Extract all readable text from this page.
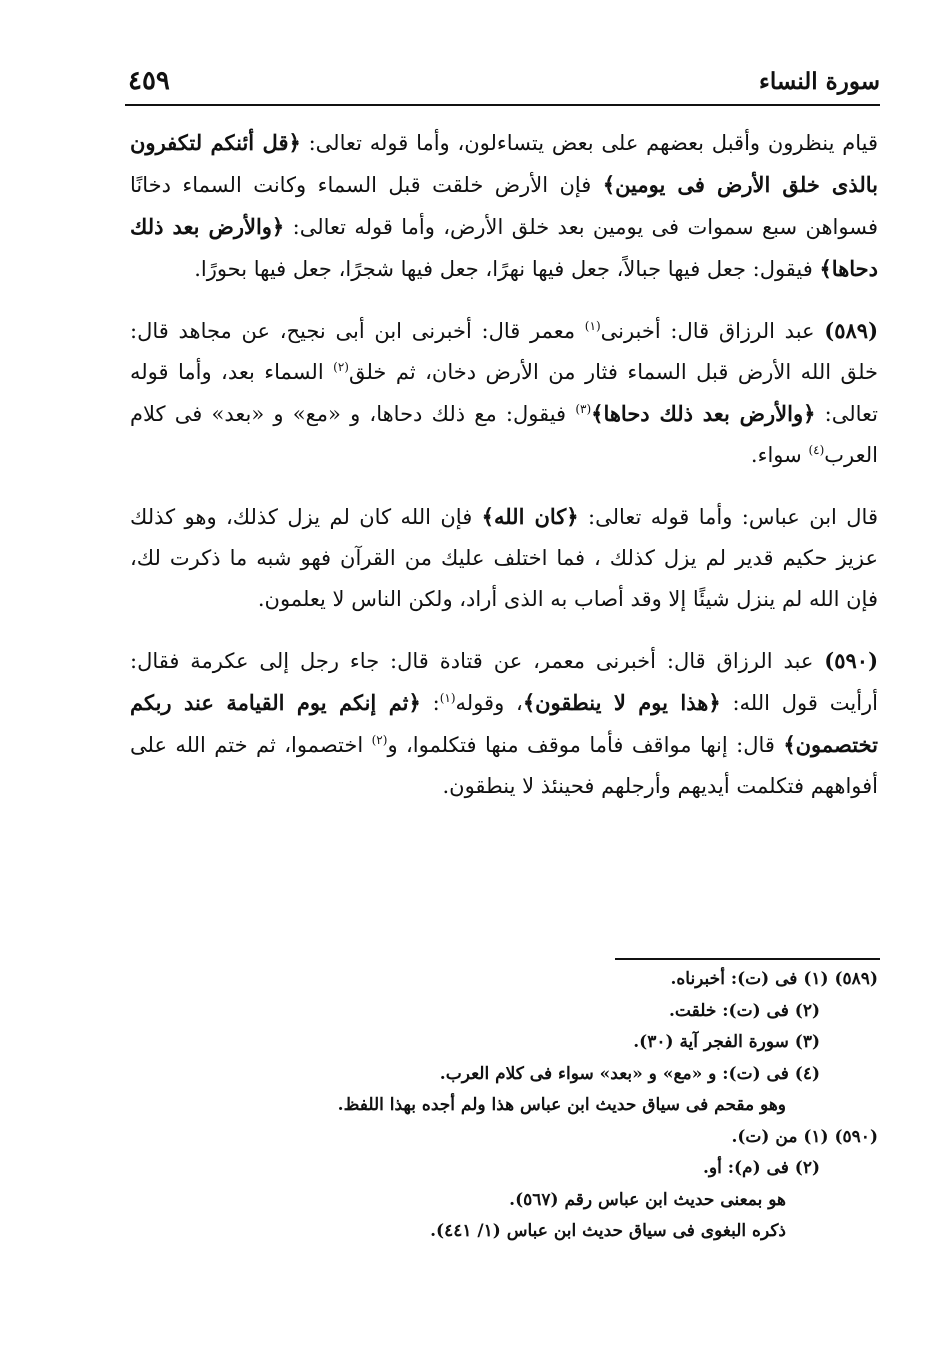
سورة النساء
٤٥٩

قيام ينظرون وأقبل بعضهم على بعض يتساءلون، وأما قوله تعالى: ﴿قل أئنكم لتكفرون بالذى خلق الأرض فى يومين﴾ فإن الأرض خلقت قبل السماء وكانت السماء دخانًا فسواهن سبع سموات فى يومين بعد خلق الأرض، وأما قوله تعالى: ﴿والأرض بعد ذلك دحاها﴾ فيقول: جعل فيها جبالاً، جعل فيها نهرًا، جعل فيها شجرًا، جعل فيها بحورًا.

(٥٨٩) عبد الرزاق قال: أخبرنى$^{(١)}$ معمر قال: أخبرنى ابن أبى نجيح، عن مجاهد قال: خلق الله الأرض قبل السماء فثار من الأرض دخان، ثم خلق$^{(٢)}$ السماء بعد، وأما قوله تعالى: ﴿والأرض بعد ذلك دحاها﴾$^{(٣)}$ فيقول: مع ذلك دحاها، و «مع» و «بعد» فى كلام العرب$^{(٤)}$ سواء.

قال ابن عباس: وأما قوله تعالى: ﴿كان الله﴾ فإن الله كان لم يزل كذلك، وهو كذلك عزيز حكيم قدير لم يزل كذلك ، فما اختلف عليك من القرآن فهو شبه ما ذكرت لك، فإن الله لم ينزل شيئًا إلا وقد أصاب به الذى أراد، ولكن الناس لا يعلمون.

(٥٩٠) عبد الرزاق قال: أخبرنى معمر، عن قتادة قال: جاء رجل إلى عكرمة فقال: أرأيت قول الله: ﴿هذا يوم لا ينطقون﴾، وقوله$^{(١)}$: ﴿ثم إنكم يوم القيامة عند ربكم تختصمون﴾ قال: إنها مواقف فأما موقف منها فتكلموا، و$^{(٢)}$ اختصموا، ثم ختم الله على أفواههم فتكلمت أيديهم وأرجلهم فحينئذ لا ينطقون.

(٥٨٩) (١) فى (ت): أخبرناه.
(٢) فى (ت): خلقت.
(٣) سورة الفجر آية (٣٠).
(٤) فى (ت): و «مع» و «بعد» سواء فى كلام العرب.
وهو مقحم فى سياق حديث ابن عباس هذا ولم أجده بهذا اللفظ.
(٥٩٠) (١) من (ت).
(٢) فى (م): أو.
هو بمعنى حديث ابن عباس رقم (٥٦٧).
ذكره البغوى فى سياق حديث ابن عباس (١/ ٤٤١).
